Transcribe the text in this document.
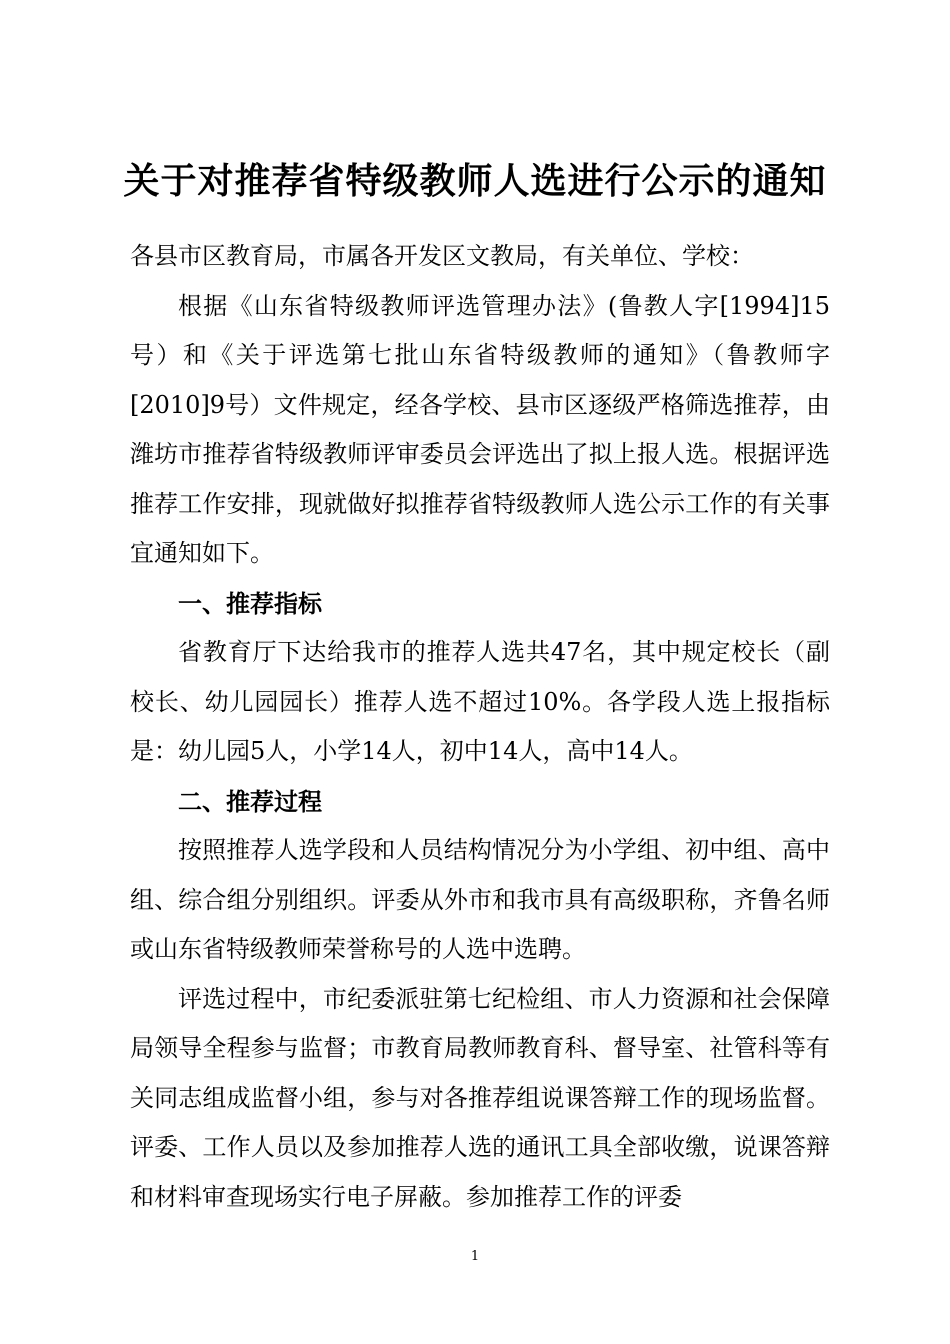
关于对推荐省特级教师人选进行公示的通知

各县市区教育局，市属各开发区文教局，有关单位、学校：

根据《山东省特级教师评选管理办法》(鲁教人字[1994]15号）和《关于评选第七批山东省特级教师的通知》（鲁教师字[2010]9号）文件规定，经各学校、县市区逐级严格筛选推荐，由潍坊市推荐省特级教师评审委员会评选出了拟上报人选。根据评选推荐工作安排，现就做好拟推荐省特级教师人选公示工作的有关事宜通知如下。

一、推荐指标

省教育厅下达给我市的推荐人选共47名，其中规定校长（副校长、幼儿园园长）推荐人选不超过10%。各学段人选上报指标是：幼儿园5人，小学14人，初中14人，高中14人。

二、推荐过程

按照推荐人选学段和人员结构情况分为小学组、初中组、高中组、综合组分别组织。评委从外市和我市具有高级职称，齐鲁名师或山东省特级教师荣誉称号的人选中选聘。

评选过程中，市纪委派驻第七纪检组、市人力资源和社会保障局领导全程参与监督；市教育局教师教育科、督导室、社管科等有关同志组成监督小组，参与对各推荐组说课答辩工作的现场监督。评委、工作人员以及参加推荐人选的通讯工具全部收缴，说课答辩和材料审查现场实行电子屏蔽。参加推荐工作的评委

1
